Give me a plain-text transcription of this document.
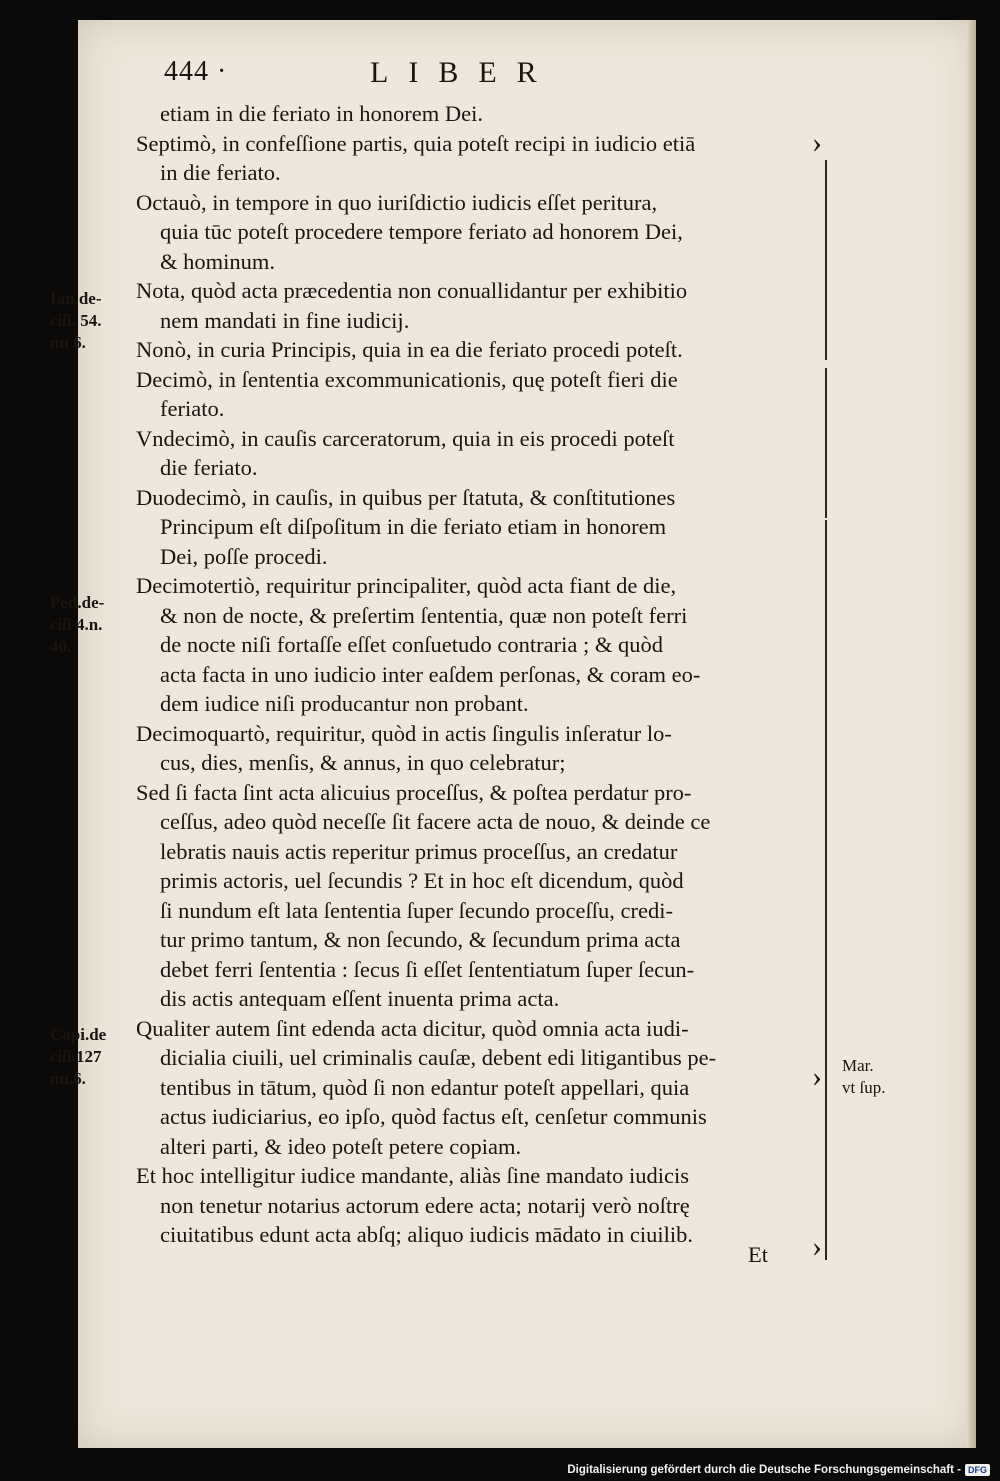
444 ·	LIBER

etiam in die feriato in honorem Dei.

Septimò, in confeſſione partis, quia poteſt recipi in iudicio etiā
in die feriato.

Octauò, in tempore in quo iuriſdictio iudicis eſſet peritura,
quia tūc poteſt procedere tempore feriato ad honorem Dei,
& hominum.

Nota, quòd acta præcedentia non conuallidantur per exhibitio
nem mandati in fine iudicij.

Nonò, in curia Principis, quia in ea die feriato procedi poteſt.

Decimò, in ſententia excommunicationis, quę poteſt fieri die
feriato.

Vndecimò, in cauſis carceratorum, quia in eis procedi poteſt
die feriato.

Duodecimò, in cauſis, in quibus per ſtatuta, & conſtitutiones
Principum eſt diſpoſitum in die feriato etiam in honorem
Dei, poſſe procedi.

Decimotertiò, requiritur principaliter, quòd acta fiant de die,
& non de nocte, & preſertim ſententia, quæ non poteſt ferri
de nocte niſi fortaſſe eſſet conſuetudo contraria ; & quòd
acta facta in uno iudicio inter eaſdem perſonas, & coram eo-
dem iudice niſi producantur non probant.

Decimoquartò, requiritur, quòd in actis ſingulis inſeratur lo-
cus, dies, menſis, & annus, in quo celebratur;

Sed ſi facta ſint acta alicuius proceſſus, & poſtea perdatur pro-
ceſſus, adeo quòd neceſſe ſit facere acta de nouo, & deinde ce
lebratis nauis actis reperitur primus proceſſus, an credatur
primis actoris, uel ſecundis ? Et in hoc eſt dicendum, quòd
ſi nundum eſt lata ſententia ſuper ſecundo proceſſu, credi-
tur primo tantum, & non ſecundo, & ſecundum prima acta
debet ferri ſententia : ſecus ſi eſſet ſententiatum ſuper ſecun-
dis actis antequam eſſent inuenta prima acta.

Qualiter autem ſint edenda acta dicitur, quòd omnia acta iudi-
dicialia ciuili, uel criminalis cauſæ, debent edi litigantibus pe-
tentibus in tātum, quòd ſi non edantur poteſt appellari, quia
actus iudiciarius, eo ipſo, quòd factus eſt, cenſetur communis
alteri parti, & ideo poteſt petere copiam.

Et hoc intelligitur iudice mandante, aliàs ſine mandato iudicis
non tenetur notarius actorum edere acta; notarij verò noſtrę
ciuitatibus edunt acta abſq; aliquo iudicis mādato in ciuilib.

Et
Ian.de-
ciſi. 54.
nu 6.
Ped.de-
ciſi 4.n.
40.
Capi.de
ciſi.127
nu.6.
Mar.
vt ſup.
›
›
›
Digitalisierung gefördert durch die Deutsche Forschungsgemeinschaft - DFG
